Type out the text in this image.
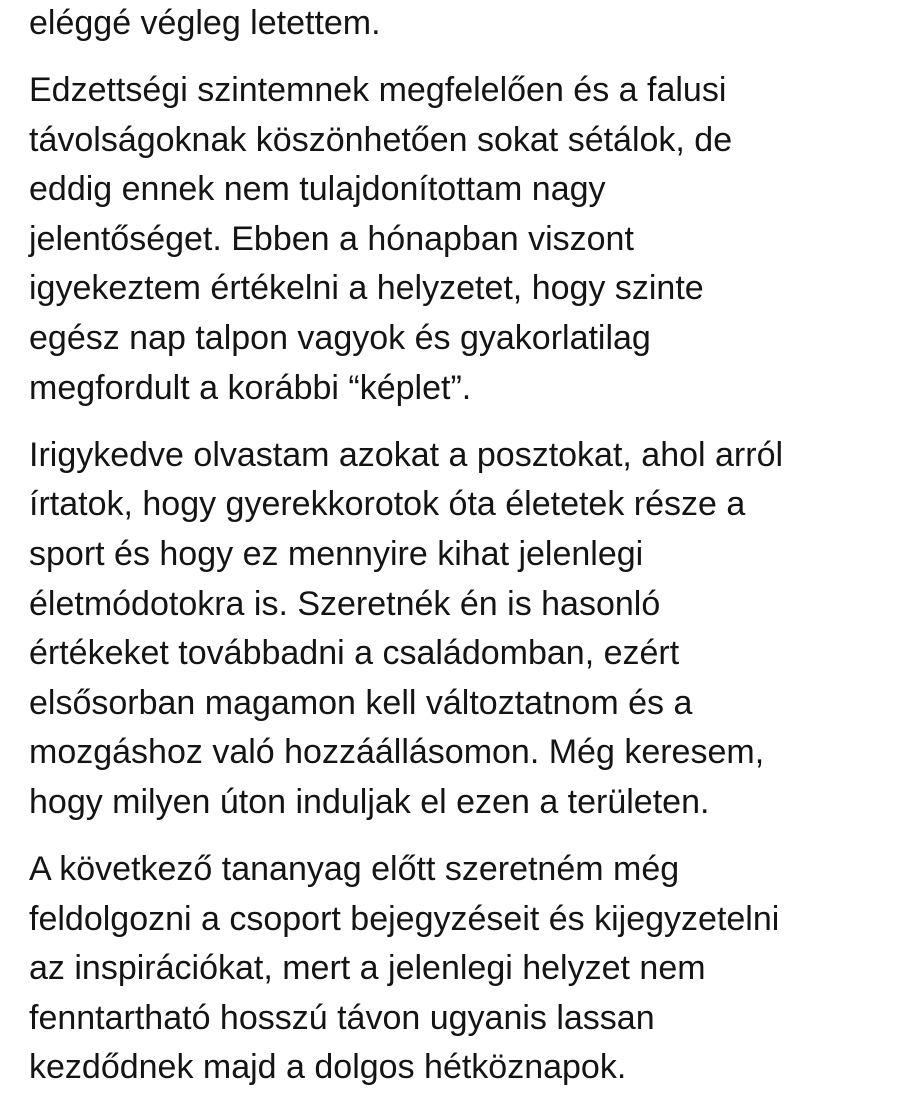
eléggé végleg letettem.

Edzettségi szintemnek megfelelően és a falusi
távolságoknak köszönhetően sokat sétálok, de
eddig ennek nem tulajdonítottam nagy
jelentőséget. Ebben a hónapban viszont
igyekeztem értékelni a helyzetet, hogy szinte
egész nap talpon vagyok és gyakorlatilag
megfordult a korábbi “képlet”.

Irigykedve olvastam azokat a posztokat, ahol arról
írtatok, hogy gyerekkorotok óta életetek része a
sport és hogy ez mennyire kihat jelenlegi
életmódotokra is. Szeretnék én is hasonló
értékeket továbbadni a családomban, ezért
elsősorban magamon kell változtatnom és a
mozgáshoz való hozzáállásomon. Még keresem,
hogy milyen úton induljak el ezen a területen.

A következő tananyag előtt szeretném még
feldolgozni a csoport bejegyzéseit és kijegyzetelni
az inspirációkat, mert a jelenlegi helyzet nem
fenntartható hosszú távon ugyanis lassan
kezdődnek majd a dolgos hétköznapok.
